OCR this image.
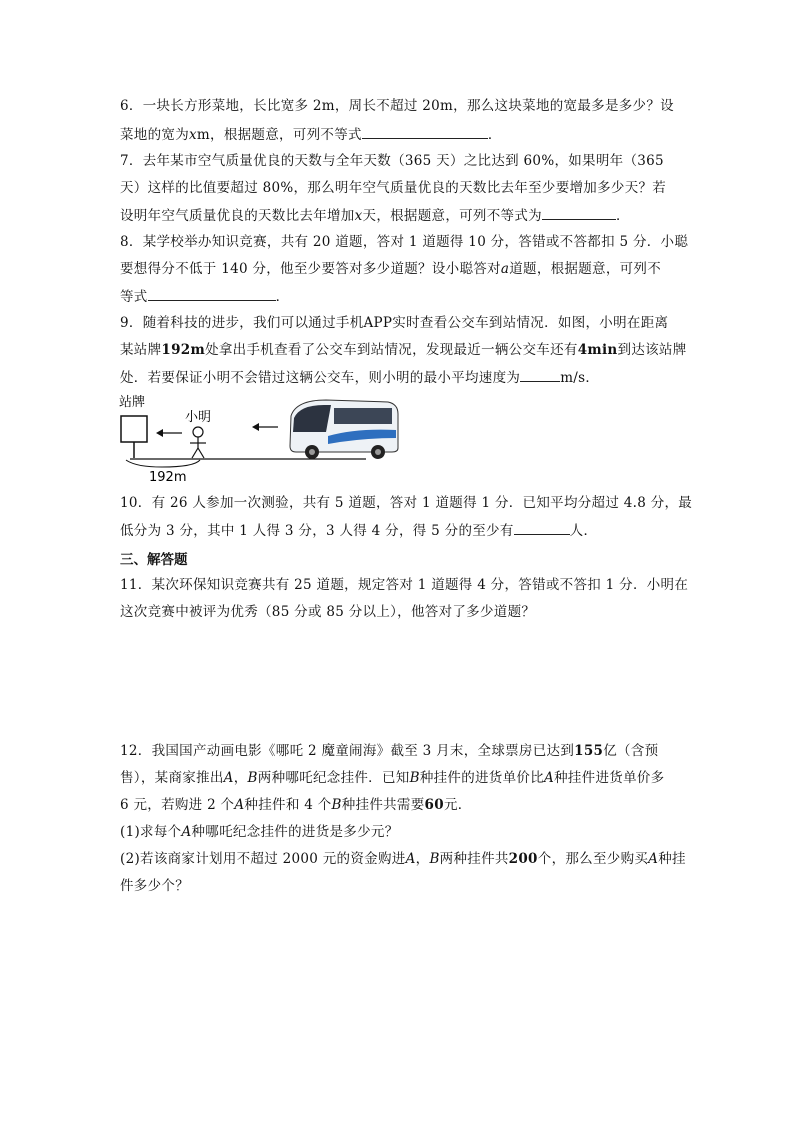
6．一块长方形菜地，长比宽多 2m，周长不超过 20m，那么这块菜地的宽最多是多少？设
菜地的宽为xm，根据题意，可列不等式	．
7．去年某市空气质量优良的天数与全年天数（365 天）之比达到 60%，如果明年（365
天）这样的比值要超过 80%，那么明年空气质量优良的天数比去年至少要增加多少天？若
设明年空气质量优良的天数比去年增加x天，根据题意，可列不等式为	．
8．某学校举办知识竞赛，共有 20 道题，答对 1 道题得 10 分，答错或不答都扣 5 分．小聪
要想得分不低于 140 分，他至少要答对多少道题？设小聪答对a道题，根据题意，可列不
等式	．
9．随着科技的进步，我们可以通过手机APP实时查看公交车到站情况．如图，小明在距离
某站牌192m处拿出手机查看了公交车到站情况，发现最近一辆公交车还有4min到达该站牌
处．若要保证小明不会错过这辆公交车，则小明的最小平均速度为	m/s．
站牌
小明
192m
10．有 26 人参加一次测验，共有 5 道题，答对 1 道题得 1 分．已知平均分超过 4.8 分，最
低分为 3 分，其中 1 人得 3 分，3 人得 4 分，得 5 分的至少有	人．
三、解答题
11．某次环保知识竞赛共有 25 道题，规定答对 1 道题得 4 分，答错或不答扣 1 分．小明在
这次竞赛中被评为优秀（85 分或 85 分以上），他答对了多少道题？
12．我国国产动画电影《哪吒 2 魔童闹海》截至 3 月末，全球票房已达到155亿（含预
售），某商家推出A，B两种哪吒纪念挂件．已知B种挂件的进货单价比A种挂件进货单价多
6 元，若购进 2 个A种挂件和 4 个B种挂件共需要60元．
(1)求每个A种哪吒纪念挂件的进货是多少元？
(2)若该商家计划用不超过 2000 元的资金购进A，B两种挂件共200个，那么至少购买A种挂
件多少个？
